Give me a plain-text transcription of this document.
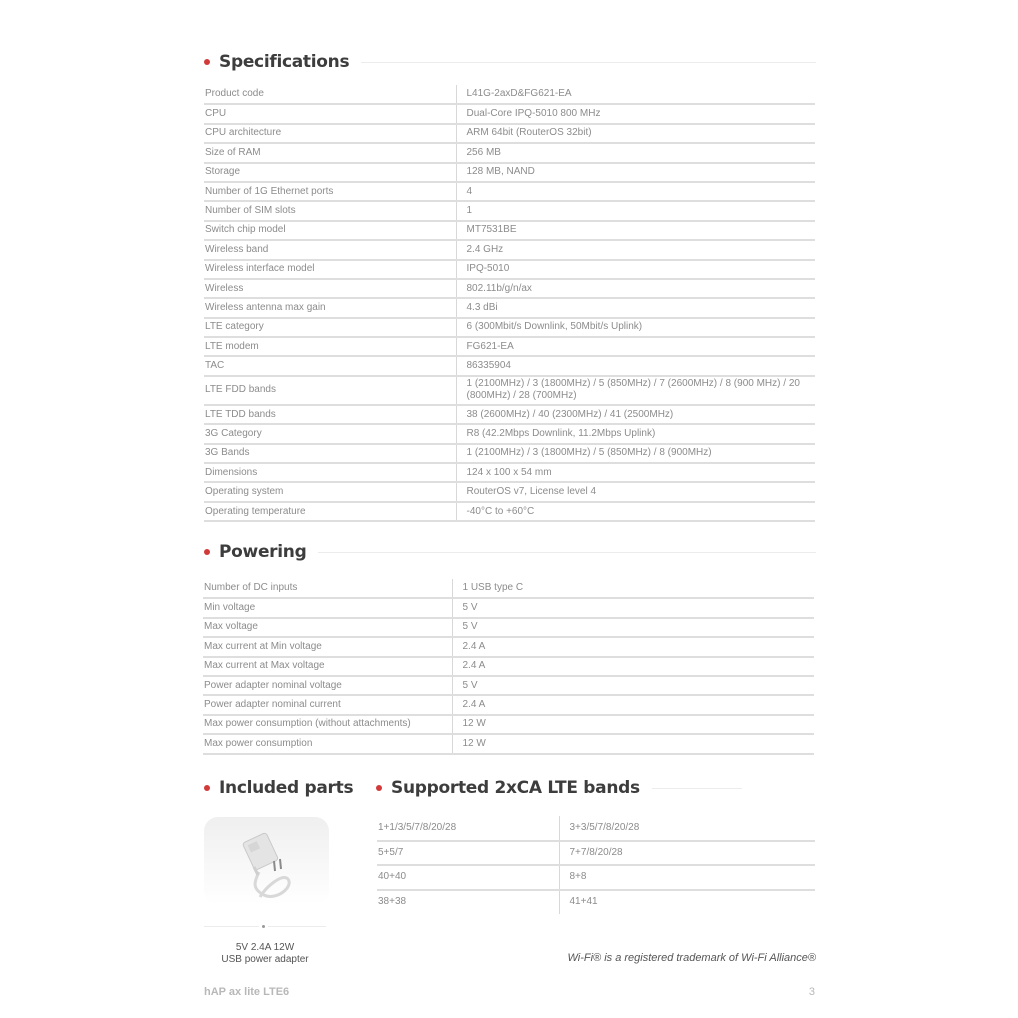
Specifications
Product code	L41G-2axD&FG621-EA
CPU	Dual-Core IPQ-5010 800 MHz
CPU architecture	ARM 64bit (RouterOS 32bit)
Size of RAM	256 MB
Storage	128 MB, NAND
Number of 1G Ethernet ports	4
Number of SIM slots	1
Switch chip model	MT7531BE
Wireless band	2.4 GHz
Wireless interface model	IPQ-5010
Wireless	802.11b/g/n/ax
Wireless antenna max gain	4.3 dBi
LTE category	6 (300Mbit/s Downlink, 50Mbit/s Uplink)
LTE modem	FG621-EA
TAC	86335904
LTE FDD bands	1 (2100MHz) / 3 (1800MHz) / 5 (850MHz) / 7 (2600MHz) / 8 (900 MHz) / 20 (800MHz) / 28 (700MHz)
LTE TDD bands	38 (2600MHz) / 40 (2300MHz) / 41 (2500MHz)
3G Category	R8 (42.2Mbps Downlink, 11.2Mbps Uplink)
3G Bands	1 (2100MHz) / 3 (1800MHz) / 5 (850MHz) / 8 (900MHz)
Dimensions	124 x 100 x 54 mm
Operating system	RouterOS v7, License level 4
Operating temperature	-40°C to +60°C
Powering
Number of DC inputs	1 USB type C
Min voltage	5 V
Max voltage	5 V
Max current at Min voltage	2.4 A
Max current at Max voltage	2.4 A
Power adapter nominal voltage	5 V
Power adapter nominal current	2.4 A
Max power consumption (without attachments)	12 W
Max power consumption	12 W
Included parts
5V 2.4A 12W
USB power adapter
Supported 2xCA LTE bands
1+1/3/5/7/8/20/28	3+3/5/7/8/20/28
5+5/7	7+7/8/20/28
40+40	8+8
38+38	41+41
Wi-Fi® is a registered trademark of Wi-Fi Alliance®
hAP ax lite LTE6	3
